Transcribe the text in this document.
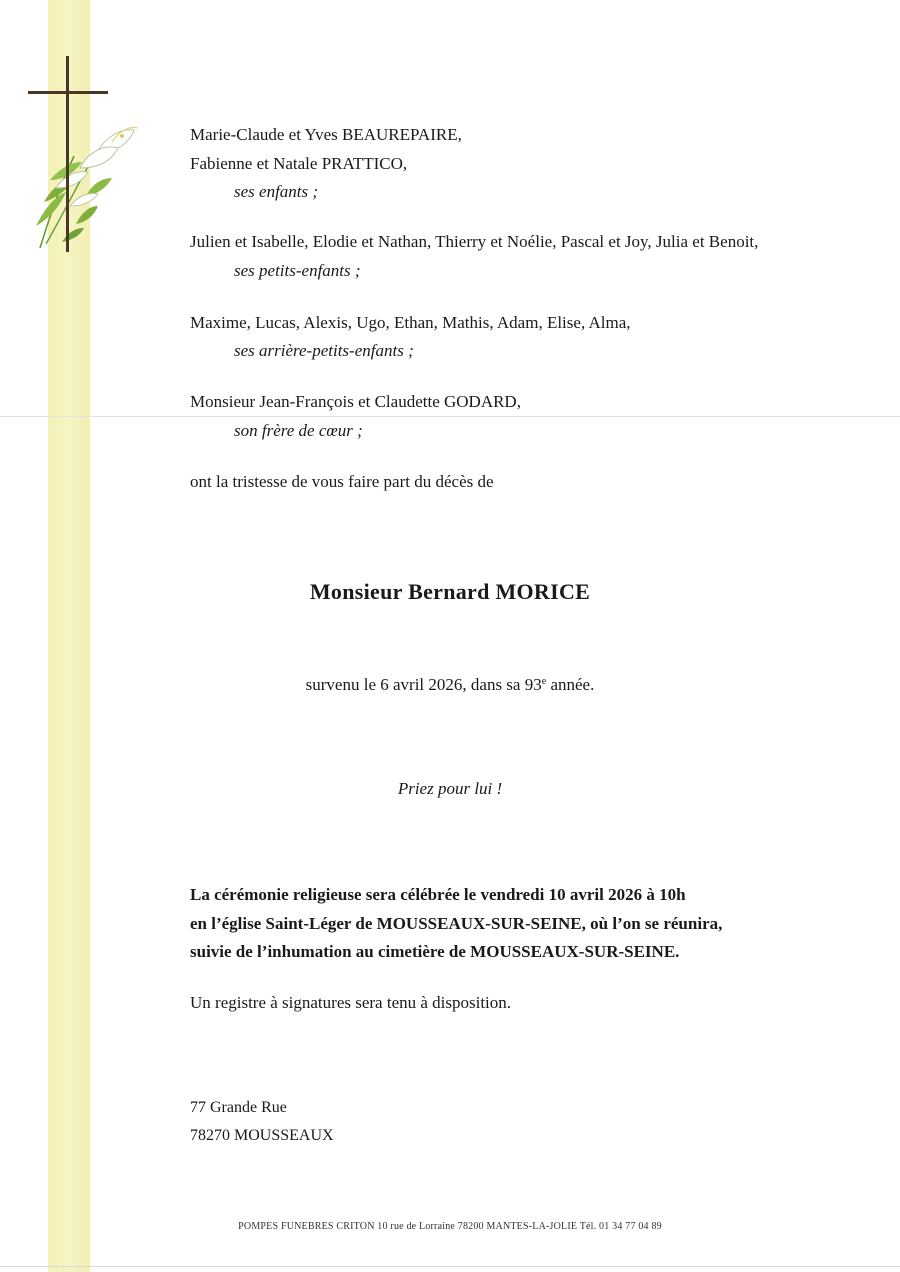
Marie-Claude et Yves BEAUREPAIRE,
Fabienne et Natale PRATTICO,
ses enfants ;
Julien et Isabelle, Elodie et Nathan, Thierry et Noélie, Pascal et Joy, Julia et Benoit,
ses petits-enfants ;
Maxime, Lucas, Alexis, Ugo, Ethan, Mathis, Adam, Elise, Alma,
ses arrière-petits-enfants ;
Monsieur Jean-François et Claudette GODARD,
son frère de cœur ;
ont la tristesse de vous faire part du décès de
Monsieur Bernard MORICE
survenu le 6 avril 2026, dans sa 93e année.
Priez pour lui !
La cérémonie religieuse sera célébrée le vendredi 10 avril 2026 à 10h
en l’église Saint-Léger de MOUSSEAUX-SUR-SEINE, où l’on se réunira,
suivie de l’inhumation au cimetière de MOUSSEAUX-SUR-SEINE.
Un registre à signatures sera tenu à disposition.
77 Grande Rue
78270 MOUSSEAUX
POMPES FUNEBRES CRITON 10 rue de Lorraine 78200 MANTES-LA-JOLIE Tél. 01 34 77 04 89
